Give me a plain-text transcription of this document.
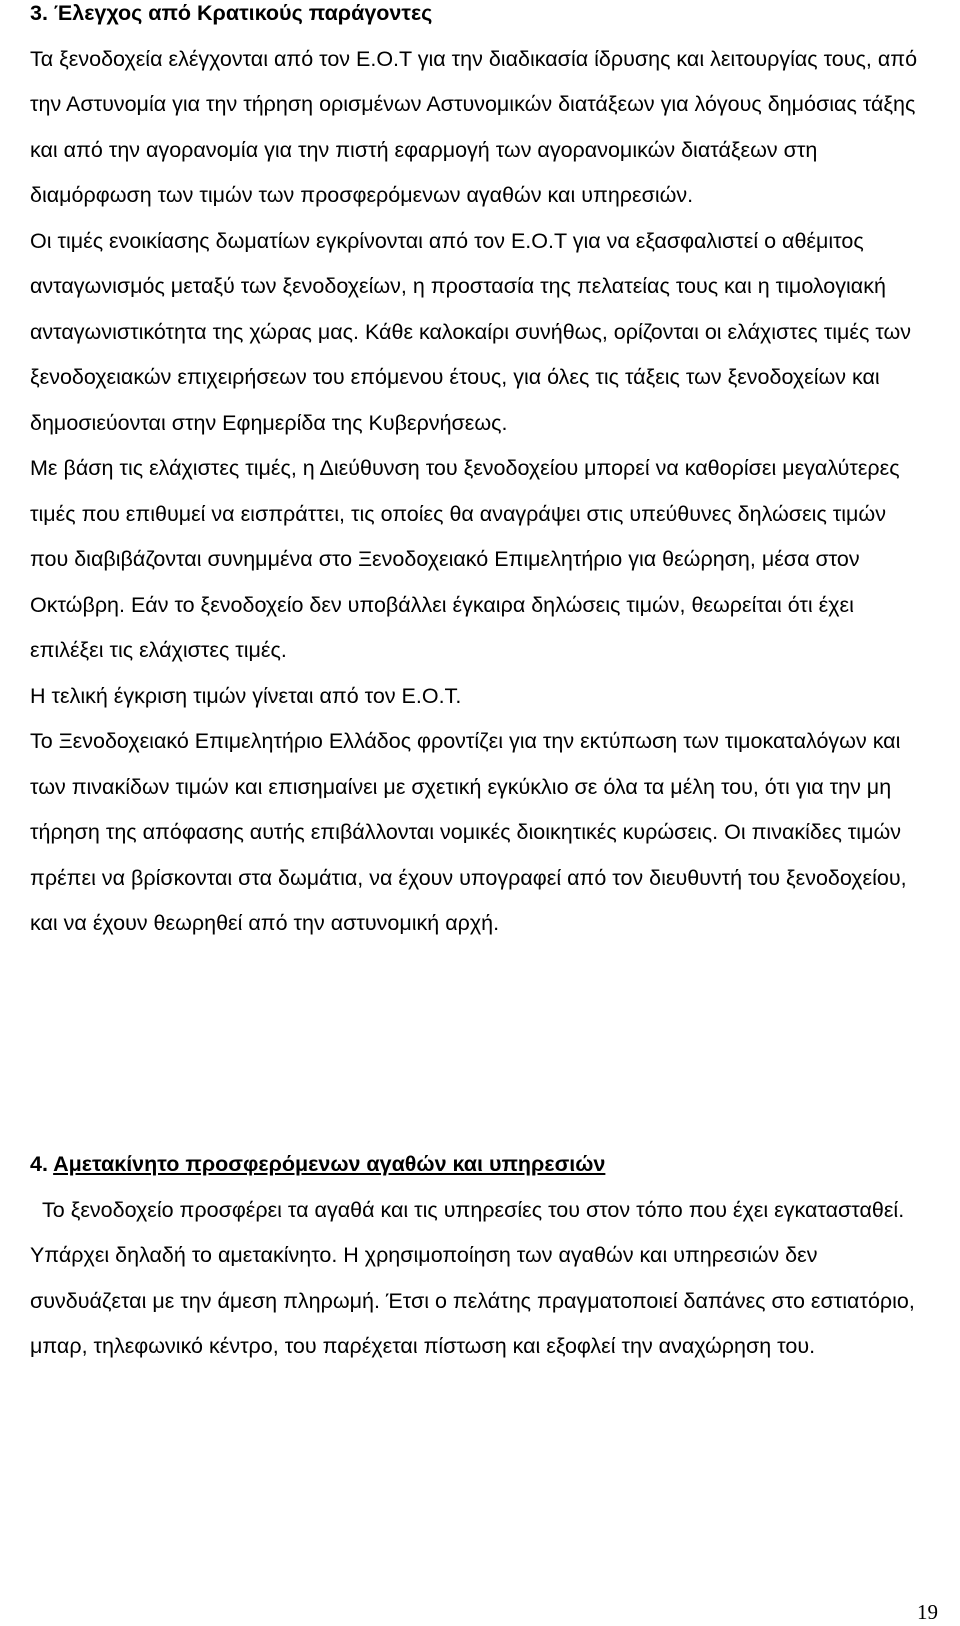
3. Έλεγχος από Κρατικούς παράγοντες

Τα ξενοδοχεία ελέγχονται από τον Ε.Ο.Τ για την διαδικασία ίδρυσης και λειτουργίας τους, από την Αστυνομία για την τήρηση ορισμένων Αστυνομικών διατάξεων για λόγους δημόσιας τάξης και από την αγορανομία για την πιστή εφαρμογή των αγορανομικών διατάξεων στη διαμόρφωση των τιμών των προσφερόμενων αγαθών και υπηρεσιών.

Οι τιμές ενοικίασης δωματίων εγκρίνονται από τον Ε.Ο.Τ για να εξασφαλιστεί ο αθέμιτος ανταγωνισμός μεταξύ των ξενοδοχείων, η προστασία της πελατείας τους και η τιμολογιακή ανταγωνιστικότητα της χώρας μας. Κάθε καλοκαίρι συνήθως, ορίζονται οι ελάχιστες τιμές των ξενοδοχειακών επιχειρήσεων του επόμενου έτους, για όλες τις τάξεις των ξενοδοχείων και δημοσιεύονται στην Εφημερίδα της Κυβερνήσεως.

Με βάση τις ελάχιστες τιμές, η Διεύθυνση του ξενοδοχείου μπορεί να καθορίσει μεγαλύτερες τιμές που επιθυμεί να εισπράττει, τις οποίες θα αναγράψει στις υπεύθυνες δηλώσεις τιμών που διαβιβάζονται συνημμένα στο Ξενοδοχειακό Επιμελητήριο για θεώρηση, μέσα στον Οκτώβρη. Εάν το ξενοδοχείο δεν υποβάλλει έγκαιρα δηλώσεις τιμών, θεωρείται ότι έχει επιλέξει τις ελάχιστες τιμές.

Η τελική έγκριση τιμών γίνεται από τον Ε.Ο.Τ.

Το Ξενοδοχειακό Επιμελητήριο Ελλάδος φροντίζει για την εκτύπωση των τιμοκαταλόγων και των πινακίδων τιμών και επισημαίνει με σχετική εγκύκλιο σε όλα τα μέλη του, ότι για την μη τήρηση της απόφασης αυτής επιβάλλονται νομικές διοικητικές κυρώσεις. Οι πινακίδες τιμών πρέπει να βρίσκονται στα δωμάτια, να έχουν υπογραφεί από τον διευθυντή του ξενοδοχείου, και να έχουν θεωρηθεί από την αστυνομική αρχή.

4. Αμετακίνητο προσφερόμενων αγαθών και υπηρεσιών

Το ξενοδοχείο προσφέρει τα αγαθά και τις υπηρεσίες του στον τόπο που έχει εγκατασταθεί. Υπάρχει δηλαδή το αμετακίνητο. Η χρησιμοποίηση των αγαθών και υπηρεσιών δεν συνδυάζεται με την άμεση πληρωμή. Έτσι ο πελάτης πραγματοποιεί δαπάνες στο εστιατόριο, μπαρ, τηλεφωνικό κέντρο, του παρέχεται πίστωση και εξοφλεί την αναχώρηση του.

19
